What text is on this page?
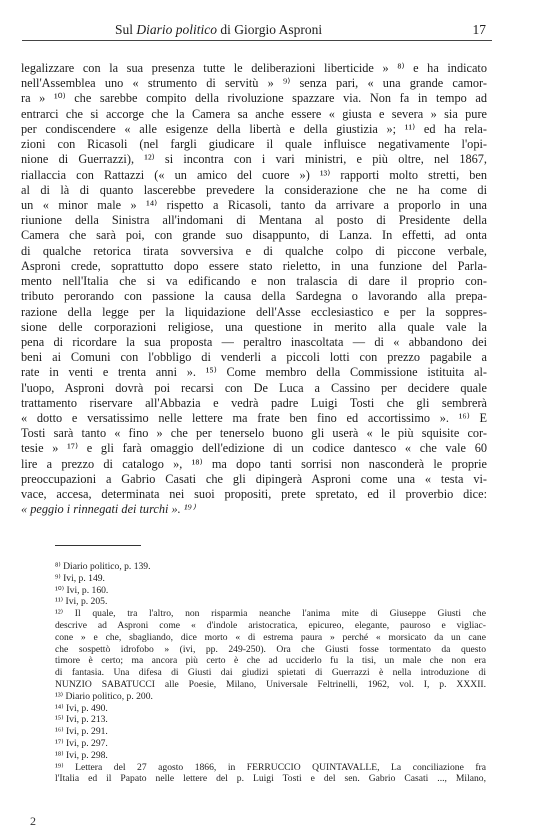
Sul Diario politico di Giorgio Asproni	17
legalizzare con la sua presenza tutte le deliberazioni liberticide » ⁸⁾ e ha indicato
nell'Assemblea uno « strumento di servitù » ⁹⁾ senza pari, « una grande camor-
ra » ¹⁰⁾ che sarebbe compito della rivoluzione spazzare via. Non fa in tempo ad
entrarci che si accorge che la Camera sa anche essere « giusta e severa » sia pure
per condiscendere « alle esigenze della libertà e della giustizia »; ¹¹⁾ ed ha rela-
zioni con Ricasoli (nel fargli giudicare il quale influisce negativamente l'opi-
nione di Guerrazzi), ¹²⁾ si incontra con i vari ministri, e più oltre, nel 1867,
riallaccia con Rattazzi (« un amico del cuore ») ¹³⁾ rapporti molto stretti, ben
al di là di quanto lascerebbe prevedere la considerazione che ne ha come di
un « minor male » ¹⁴⁾ rispetto a Ricasoli, tanto da arrivare a proporlo in una
riunione della Sinistra all'indomani di Mentana al posto di Presidente della
Camera che sarà poi, con grande suo disappunto, di Lanza. In effetti, ad onta
di qualche retorica tirata sovversiva e di qualche colpo di piccone verbale,
Asproni crede, soprattutto dopo essere stato rieletto, in una funzione del Parla-
mento nell'Italia che si va edificando e non tralascia di dare il proprio con-
tributo perorando con passione la causa della Sardegna o lavorando alla prepa-
razione della legge per la liquidazione dell'Asse ecclesiastico e per la soppres-
sione delle corporazioni religiose, una questione in merito alla quale vale la
pena di ricordare la sua proposta — peraltro inascoltata — di « abbandono dei
beni ai Comuni con l'obbligo di venderli a piccoli lotti con prezzo pagabile a
rate in venti e trenta anni ». ¹⁵⁾ Come membro della Commissione istituita al-
l'uopo, Asproni dovrà poi recarsi con De Luca a Cassino per decidere quale
trattamento riservare all'Abbazia e vedrà padre Luigi Tosti che gli sembrerà
« dotto e versatissimo nelle lettere ma frate ben fino ed accortissimo ». ¹⁶⁾ E
Tosti sarà tanto « fino » che per tenerselo buono gli userà « le più squisite cor-
tesie » ¹⁷⁾ e gli farà omaggio dell'edizione di un codice dantesco « che vale 60
lire a prezzo di catalogo », ¹⁸⁾ ma dopo tanti sorrisi non nasconderà le proprie
preoccupazioni a Gabrio Casati che gli dipingerà Asproni come una « testa vi-
vace, accesa, determinata nei suoi propositi, prete spretato, ed il proverbio dice:
« peggio i rinnegati dei turchi ». ¹⁹⁾
⁸⁾ Diario politico, p. 139.
⁹⁾ Ivi, p. 149.
¹⁰⁾ Ivi, p. 160.
¹¹⁾ Ivi, p. 205.
¹²⁾ Il quale, tra l'altro, non risparmia neanche l'anima mite di Giuseppe Giusti che
descrive ad Asproni come « d'indole aristocratica, epicureo, elegante, pauroso e vigliac-
cone » e che, sbagliando, dice morto « di estrema paura » perché « morsicato da un cane
che sospettò idrofobo » (ivi, pp. 249-250). Ora che Giusti fosse tormentato da questo
timore è certo; ma ancora più certo è che ad ucciderlo fu la tisi, un male che non era
di fantasia. Una difesa di Giusti dai giudizi spietati di Guerrazzi è nella introduzione di
NUNZIO SABATUCCI alle Poesie, Milano, Universale Feltrinelli, 1962, vol. I, p. XXXII.
¹³⁾ Diario politico, p. 200.
¹⁴⁾ Ivi, p. 490.
¹⁵⁾ Ivi, p. 213.
¹⁶⁾ Ivi, p. 291.
¹⁷⁾ Ivi, p. 297.
¹⁸⁾ Ivi, p. 298.
¹⁹⁾ Lettera del 27 agosto 1866, in FERRUCCIO QUINTAVALLE, La conciliazione fra
l'Italia ed il Papato nelle lettere del p. Luigi Tosti e del sen. Gabrio Casati ..., Milano,
2
